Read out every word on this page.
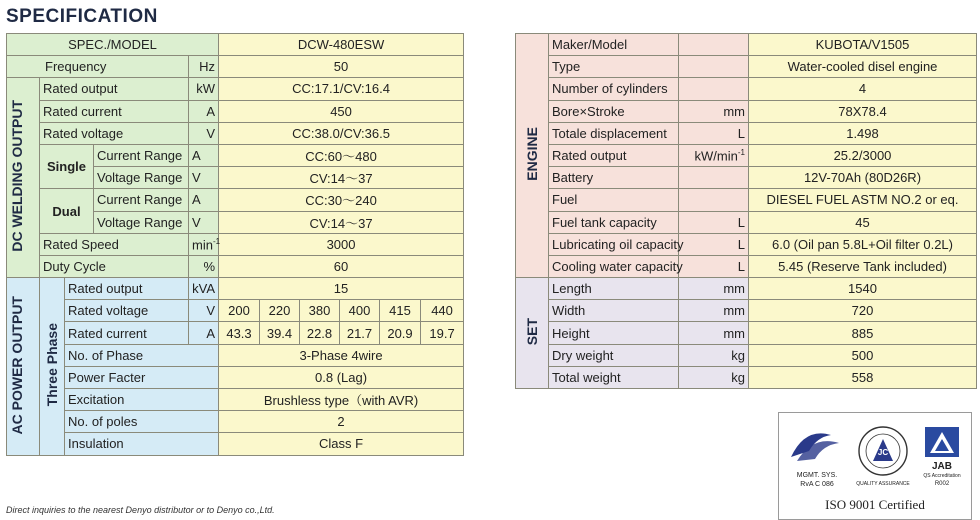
SPECIFICATION
SPEC./MODEL					DCW-480ESW					
Frequency				Hz	50					
DC WELDING OUTPUT	Rated output			kW	CC:17.1/CV:16.4					
	Rated current			A	450					
	Rated voltage			V	CC:38.0/CV:36.5					
	Single		Current Range	A	CC:60～480					
			Voltage Range	V	CV:14～37					
	Dual		Current Range	A	CC:30～240					
			Voltage Range	V	CV:14～37					
	Rated Speed			$\min^{-1}$	3000					
	Duty Cycle			%	60					
AC POWER OUTPUT	Three Phase	Rated output		kVA	15					
		Rated voltage		V	200	220	380	400	415	440
		Rated current		A	43.3	39.4	22.8	21.7	20.9	19.7
		No. of Phase			3-Phase 4wire					
		Power Facter			0.8 (Lag)					
		Excitation			Brushless type（with AVR)					
		No. of poles			2					
		Insulation			Class F					
ENGINE	Maker/Model		KUBOTA/V1505
	Type		Water-cooled disel engine
	Number of cylinders		4
	Bore×Stroke	mm	78X78.4
	Totale displacement	L	1.498
	Rated output	$kW/\min^{-1}$	25.2/3000
	Battery		12V-70Ah (80D26R)
	Fuel		DIESEL FUEL ASTM NO.2 or eq.
	Fuel tank capacity	L	45
	Lubricating oil capacity	L	6.0 (Oil pan 5.8L+Oil filter 0.2L)
	Cooling water capacity	L	5.45 (Reserve Tank included)
SET	Length	mm	1540
	Width	mm	720
	Height	mm	885
	Dry weight	kg	500
	Total weight	kg	558
MGMT. SYS.
RvA C 086
JC
QUALITY ASSURANCE
JAB
QS Accreditation
R002
ISO 9001 Certified
Direct inquiries to the nearest Denyo distributor or to Denyo co.,Ltd.
